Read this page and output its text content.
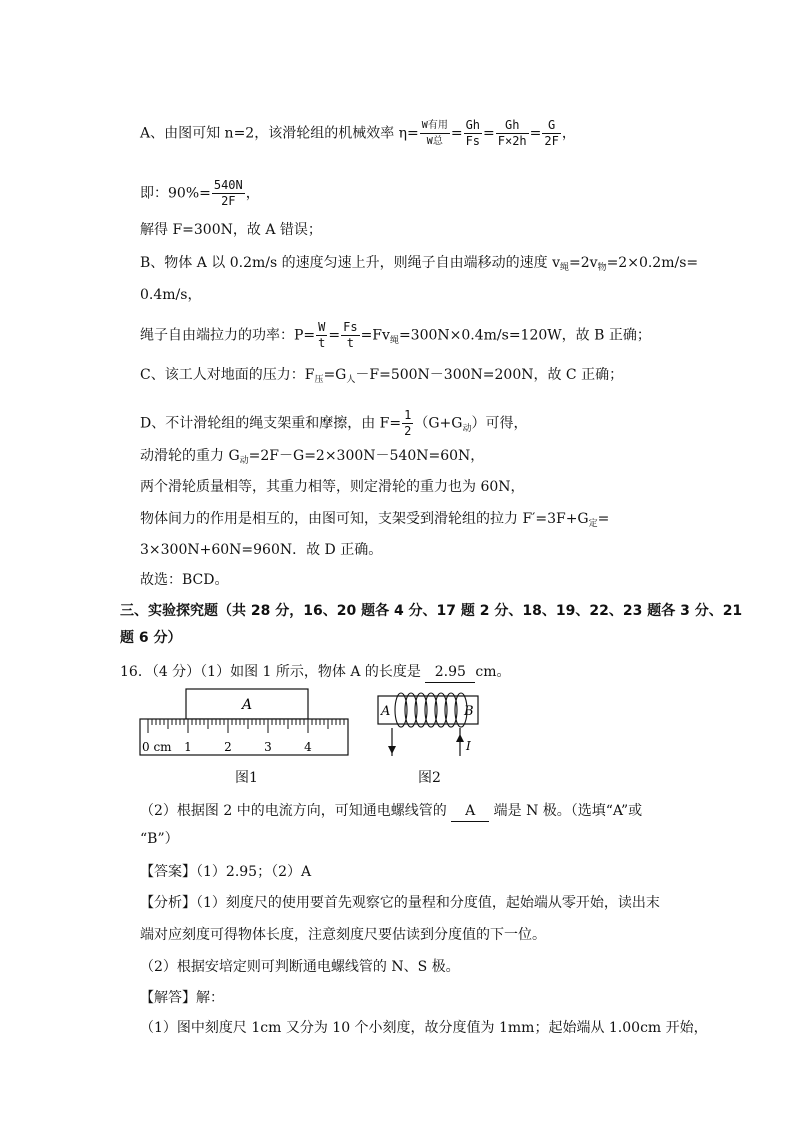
A、由图可知 n=2，该滑轮组的机械效率 $\eta= \frac{\text{W有用}}{\text{W总}} = \frac{Gh}{Fs} = \frac{Gh}{F\times 2h} = \frac{G}{2F}$ ，
即：$90\%= \frac{540N}{2F}$ ，
解得 F=300N，故 A 错误；
B、物体 A 以 0.2m/s 的速度匀速上升，则绳子自由端移动的速度 $v_绳=2v_物=2\times 0.2m/s=$
0.4m/s，
绳子自由端拉力的功率：$P= \frac{W}{t} = \frac{Fs}{t} =Fv_绳=300N\times 0.4m/s=120W$，故 B 正确；
C、该工人对地面的压力：$F_压=G_人-F=500N-300N=200N$，故 C 正确；
D、不计滑轮组的绳支架重和摩擦，由 $F= \frac{1}{2} (G+G_动)$可得，
动滑轮的重力 $G_动=2F-G=2\times 300N-540N=60N$，
两个滑轮质量相等，其重力相等，则定滑轮的重力也为 60N，
物体间力的作用是相互的，由图可知，支架受到滑轮组的拉力 $F'=3F+G_定=$
3×300N+60N=960N．故 D 正确。
故选：BCD。
三、实验探究题（共 28 分，16、20 题各 4 分、17 题 2 分、18、19、22、23 题各 3 分、21
题 6 分）
16．（4 分）（1）如图 1 所示，物体 A 的长度是 2.95 cm。
A
0 cm 1	2	3	4
图1
A	B
I
图2
（2）根据图 2 中的电流方向，可知通电螺线管的 A 端是 N 极。（选填“A”或
“B”）
【答案】（1）2.95；（2）A
【分析】（1）刻度尺的使用要首先观察它的量程和分度值，起始端从零开始，读出末
端对应刻度可得物体长度，注意刻度尺要估读到分度值的下一位。
（2）根据安培定则可判断通电螺线管的 N、S 极。
【解答】解：
（1）图中刻度尺 1cm 又分为 10 个小刻度，故分度值为 1mm；起始端从 1.00cm 开始，
